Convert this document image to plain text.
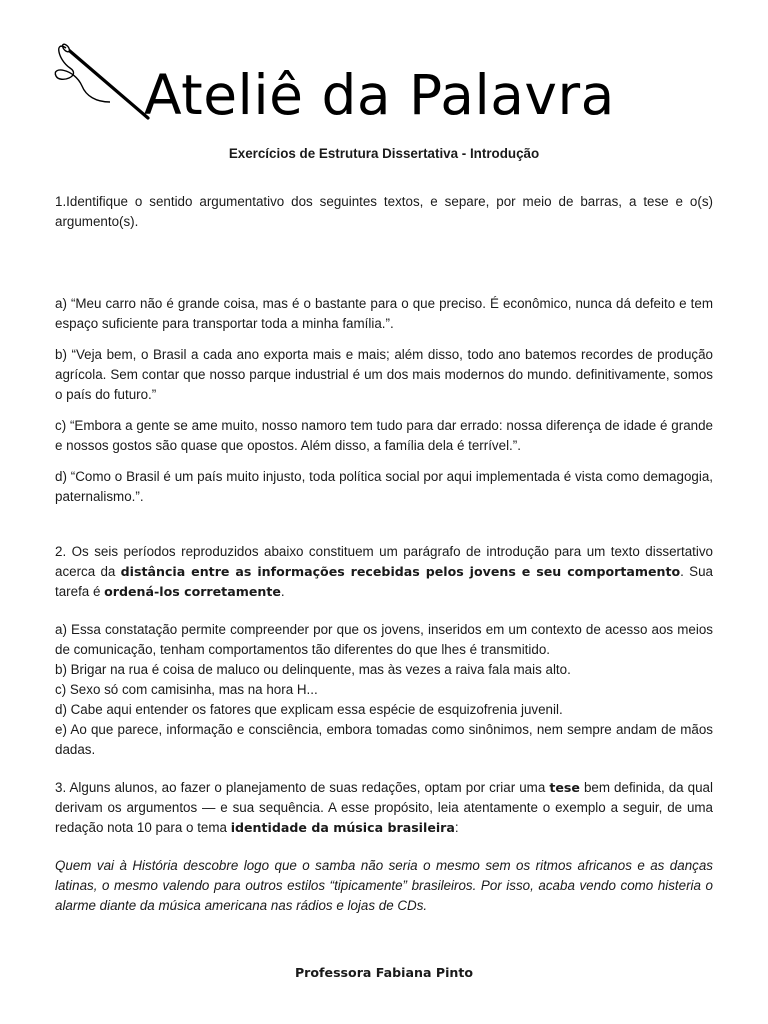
Ateliê da Palavra
Exercícios de Estrutura Dissertativa - Introdução

1.Identifique o sentido argumentativo dos seguintes textos, e separe, por meio de barras, a tese e o(s) argumento(s).

a) “Meu carro não é grande coisa, mas é o bastante para o que preciso. É econômico, nunca dá defeito e tem espaço suficiente para transportar toda a minha família.”.

b) “Veja bem, o Brasil a cada ano exporta mais e mais; além disso, todo ano batemos recordes de produção agrícola. Sem contar que nosso parque industrial é um dos mais modernos do mundo. definitivamente, somos o país do futuro.”

c) “Embora a gente se ame muito, nosso namoro tem tudo para dar errado: nossa diferença de idade é grande e nossos gostos são quase que opostos. Além disso, a família dela é terrível.”.

d) “Como o Brasil é um país muito injusto, toda política social por aqui implementada é vista como demagogia, paternalismo.”.

2. Os seis períodos reproduzidos abaixo constituem um parágrafo de introdução para um texto dissertativo acerca da distância entre as informações recebidas pelos jovens e seu comportamento. Sua tarefa é ordená-los corretamente.

a) Essa constatação permite compreender por que os jovens, inseridos em um contexto de acesso aos meios de comunicação, tenham comportamentos tão diferentes do que lhes é transmitido.

b) Brigar na rua é coisa de maluco ou delinquente, mas às vezes a raiva fala mais alto.

c) Sexo só com camisinha, mas na hora H...

d) Cabe aqui entender os fatores que explicam essa espécie de esquizofrenia juvenil.

e) Ao que parece, informação e consciência, embora tomadas como sinônimos, nem sempre andam de mãos dadas.

3. Alguns alunos, ao fazer o planejamento de suas redações, optam por criar uma tese bem definida, da qual derivam os argumentos — e sua sequência. A esse propósito, leia atentamente o exemplo a seguir, de uma redação nota 10 para o tema identidade da música brasileira:

Quem vai à História descobre logo que o samba não seria o mesmo sem os ritmos africanos e as danças latinas, o mesmo valendo para outros estilos “tipicamente” brasileiros. Por isso, acaba vendo como histeria o alarme diante da música americana nas rádios e lojas de CDs.

Professora Fabiana Pinto
